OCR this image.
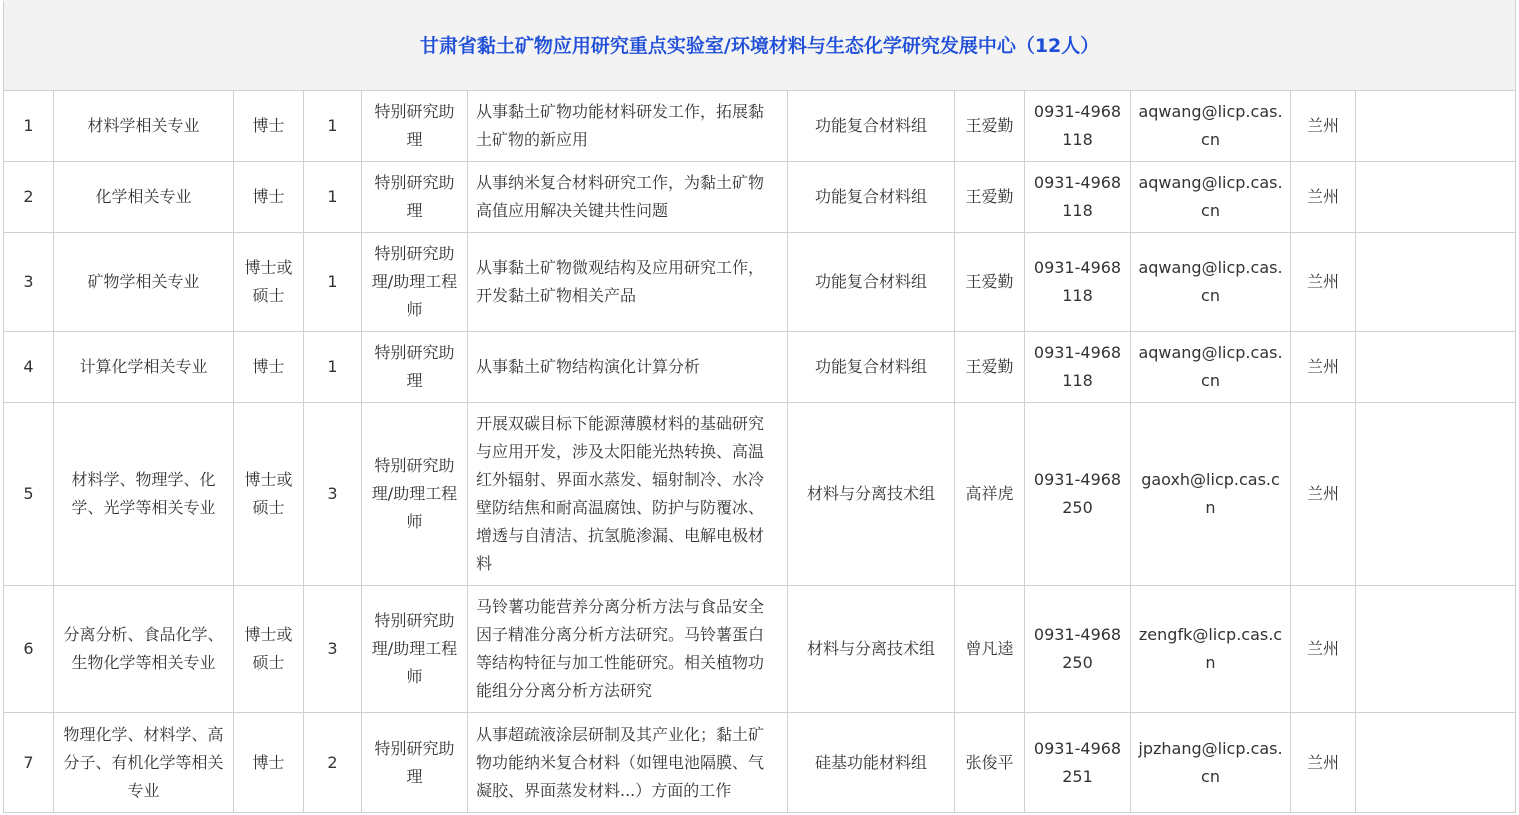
甘肃省黏土矿物应用研究重点实验室/环境材料与生态化学研究发展中心（12人）											
1	材料学相关专业	博士	1	特别研究助理	从事黏土矿物功能材料研发工作，拓展黏土矿物的新应用	功能复合材料组	王爱勤	0931-4968118	aqwang@licp.cas.cn	兰州	
2	化学相关专业	博士	1	特别研究助理	从事纳米复合材料研究工作，为黏土矿物高值应用解决关键共性问题	功能复合材料组	王爱勤	0931-4968118	aqwang@licp.cas.cn	兰州	
3	矿物学相关专业	博士或硕士	1	特别研究助理/助理工程师	从事黏土矿物微观结构及应用研究工作，开发黏土矿物相关产品	功能复合材料组	王爱勤	0931-4968118	aqwang@licp.cas.cn	兰州	
4	计算化学相关专业	博士	1	特别研究助理	从事黏土矿物结构演化计算分析	功能复合材料组	王爱勤	0931-4968118	aqwang@licp.cas.cn	兰州	
5	材料学、物理学、化学、光学等相关专业	博士或硕士	3	特别研究助理/助理工程师	开展双碳目标下能源薄膜材料的基础研究与应用开发，涉及太阳能光热转换、高温红外辐射、界面水蒸发、辐射制冷、水冷壁防结焦和耐高温腐蚀、防护与防覆冰、增透与自清洁、抗氢脆渗漏、电解电极材料	材料与分离技术组	高祥虎	0931-4968250	gaoxh@licp.cas.cn	兰州	
6	分离分析、食品化学、生物化学等相关专业	博士或硕士	3	特别研究助理/助理工程师	马铃薯功能营养分离分析方法与食品安全因子精准分离分析方法研究。马铃薯蛋白等结构特征与加工性能研究。相关植物功能组分分离分析方法研究	材料与分离技术组	曾凡逵	0931-4968250	zengfk@licp.cas.cn	兰州	
7	物理化学、材料学、高分子、有机化学等相关专业	博士	2	特别研究助理	从事超疏液涂层研制及其产业化；黏土矿物功能纳米复合材料（如锂电池隔膜、气凝胶、界面蒸发材料...）方面的工作	硅基功能材料组	张俊平	0931-4968251	jpzhang@licp.cas.cn	兰州	
